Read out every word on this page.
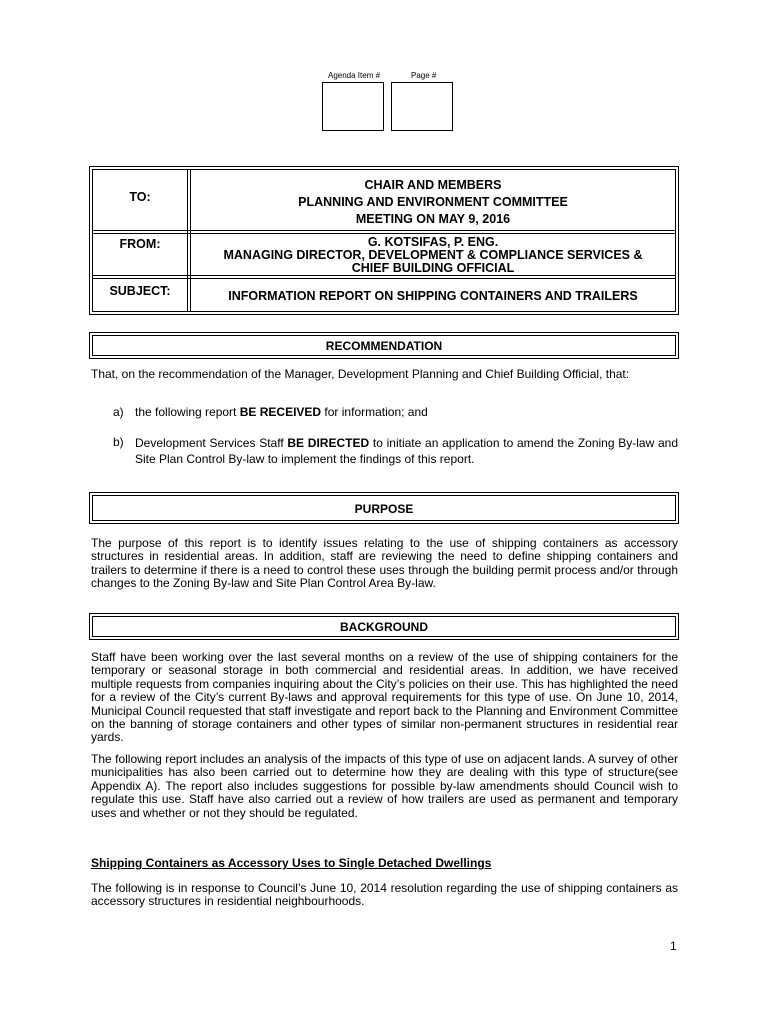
Agenda Item #	Page #
TO:
CHAIR AND MEMBERS
PLANNING AND ENVIRONMENT COMMITTEE
MEETING ON MAY 9, 2016
FROM:	G. KOTSIFAS, P. ENG.
MANAGING DIRECTOR, DEVELOPMENT & COMPLIANCE SERVICES &
CHIEF BUILDING OFFICIAL
SUBJECT:	INFORMATION REPORT ON SHIPPING CONTAINERS AND TRAILERS
RECOMMENDATION

That, on the recommendation of the Manager, Development Planning and Chief Building Official, that:

a) the following report BE RECEIVED for information; and
b) Development Services Staff BE DIRECTED to initiate an application to amend the Zoning By-law and Site Plan Control By-law to implement the findings of this report.
PURPOSE

The purpose of this report is to identify issues relating to the use of shipping containers as accessory structures in residential areas. In addition, staff are reviewing the need to define shipping containers and trailers to determine if there is a need to control these uses through the building permit process and/or through changes to the Zoning By-law and Site Plan Control Area By-law.

BACKGROUND

Staff have been working over the last several months on a review of the use of shipping containers for the temporary or seasonal storage in both commercial and residential areas. In addition, we have received multiple requests from companies inquiring about the City’s policies on their use. This has highlighted the need for a review of the City’s current By-laws and approval requirements for this type of use. On June 10, 2014, Municipal Council requested that staff investigate and report back to the Planning and Environment Committee on the banning of storage containers and other types of similar non-permanent structures in residential rear yards.

The following report includes an analysis of the impacts of this type of use on adjacent lands. A survey of other municipalities has also been carried out to determine how they are dealing with this type of structure(see Appendix A). The report also includes suggestions for possible by-law amendments should Council wish to regulate this use. Staff have also carried out a review of how trailers are used as permanent and temporary uses and whether or not they should be regulated.

Shipping Containers as Accessory Uses to Single Detached Dwellings

The following is in response to Council’s June 10, 2014 resolution regarding the use of shipping containers as accessory structures in residential neighbourhoods.

1
